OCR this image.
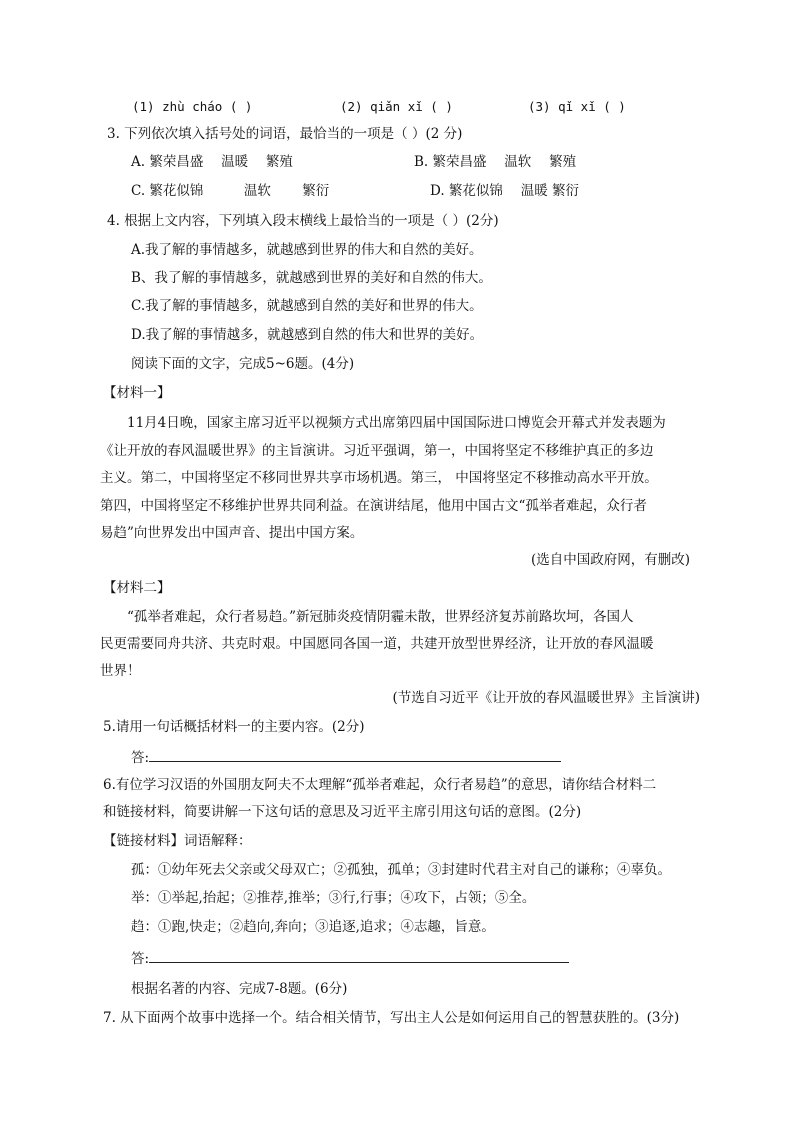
(1) zhù cháo ( )	(2) qiǎn xǐ ( )	(3) qǐ xǐ ( )
3. 下列依次填入括号处的词语，最恰当的一项是（ ）(2 分)
A. 繁荣昌盛　 温暖　 繁殖	B. 繁荣昌盛　 温软　 繁殖
C. 繁花似锦　　　温软　　 繁衍	D. 繁花似锦　 温暖 繁衍
4. 根据上文内容，下列填入段末横线上最恰当的一项是（ ）(2分)
A.我了解的事情越多，就越感到世界的伟大和自然的美好。
B、我了解的事情越多，就越感到世界的美好和自然的伟大。
C.我了解的事情越多，就越感到自然的美好和世界的伟大。
D.我了解的事情越多，就越感到自然的伟大和世界的美好。
阅读下面的文字，完成5~6题。(4分)
【材料一】
11月4日晚，国家主席习近平以视频方式出席第四届中国国际进口博览会开幕式并发表题为
《让开放的春风温暖世界》的主旨演讲。习近平强调，第一，中国将坚定不移维护真正的多边
主义。第二，中国将坚定不移同世界共享市场机遇。第三， 中国将坚定不移推动高水平开放。
第四，中国将坚定不移维护世界共同利益。在演讲结尾，他用中国古文“孤举者难起，众行者
易趋”向世界发出中国声音、提出中国方案。
(选自中国政府网，有删改)
【材料二】
“孤举者难起，众行者易趋。”新冠肺炎疫情阴霾未散，世界经济复苏前路坎坷，各国人
民更需要同舟共济、共克时艰。中国愿同各国一道，共建开放型世界经济，让开放的春风温暖
世界！
(节选自习近平《让开放的春风温暖世界》主旨演讲)
5.请用一句话概括材料一的主要内容。(2分)
答:
6.有位学习汉语的外国朋友阿夫不太理解“孤举者难起，众行者易趋”的意思，请你结合材料二
和链接材料，简要讲解一下这句话的意思及习近平主席引用这句话的意图。(2分)
【链接材料】词语解释：
孤：①幼年死去父亲或父母双亡；②孤独，孤单；③封建时代君主对自己的谦称；④辜负。
举：①举起,抬起；②推荐,推举；③行,行事；④攻下，占领；⑤全。
趋：①跑,快走；②趋向,奔向；③追逐,追求；④志趣，旨意。
答:
根据名著的内容、完成7-8题。(6分)
7. 从下面两个故事中选择一个。结合相关情节，写出主人公是如何运用自己的智慧获胜的。(3分)
